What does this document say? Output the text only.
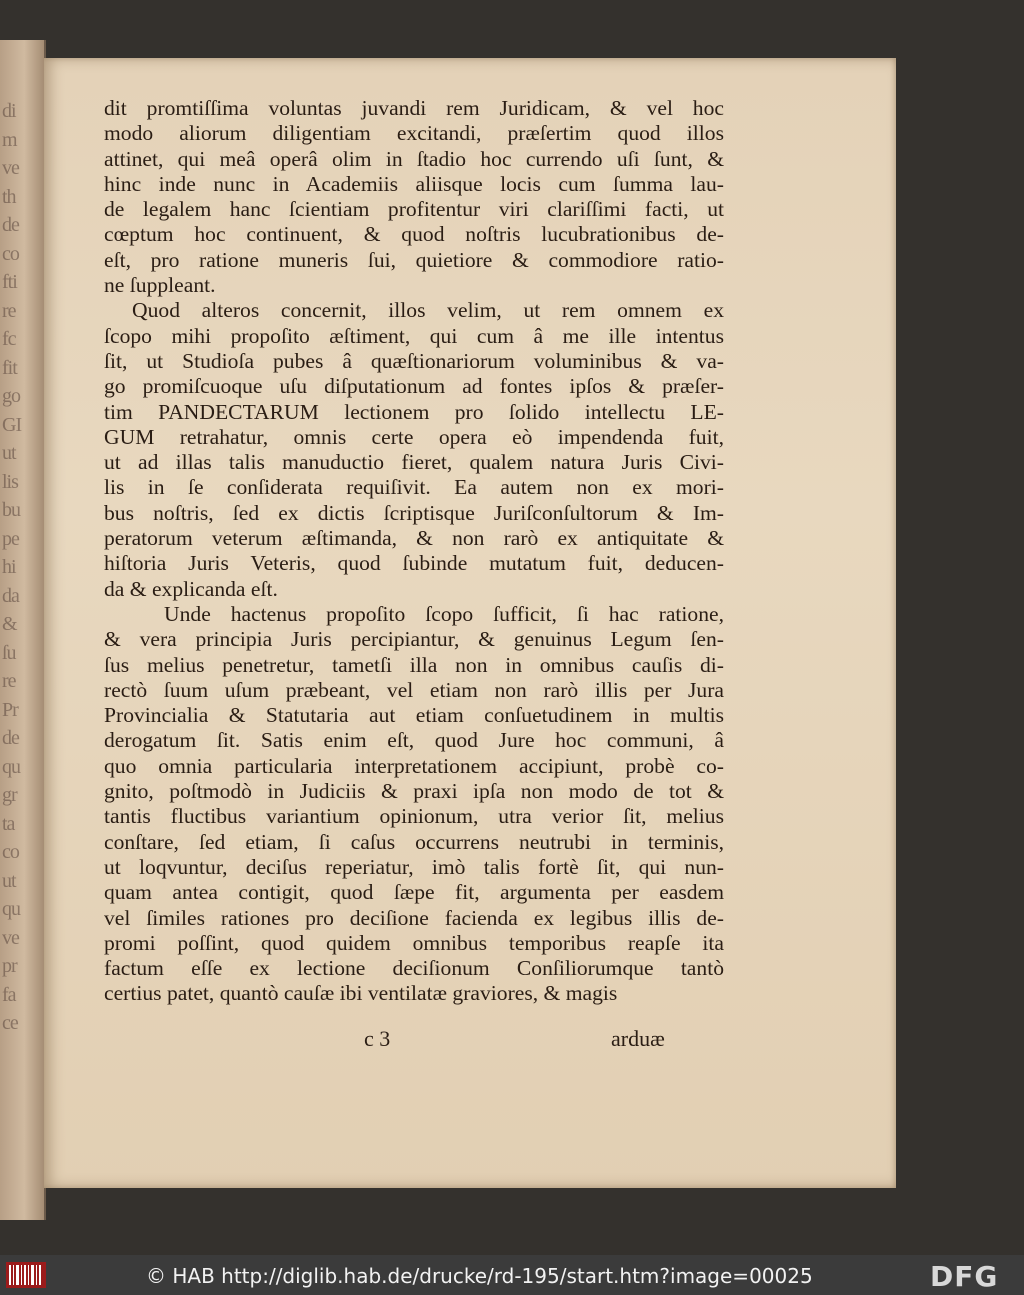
di
m
ve
th
de
co
fti
re
fc
fit
go
GI
ut
lis
bu
pe
hi
da
&
ſu
re
Pr
de
qu
gr
ta
co
ut
qu
ve
pr
fa
ce
dit promtiſſima voluntas juvandi rem Juridicam, & vel hoc
modo aliorum diligentiam excitandi, præſertim quod illos
attinet, qui meâ operâ olim in ſtadio hoc currendo uſi ſunt, &
hinc inde nunc in Academiis aliisque locis cum ſumma lau-
de legalem hanc ſcientiam profitentur viri clariſſimi facti, ut
cœptum hoc continuent, & quod noſtris lucubrationibus de-
eſt, pro ratione muneris ſui, quietiore & commodiore ratio-
ne ſuppleant.
Quod alteros concernit, illos velim, ut rem omnem ex
ſcopo mihi propoſito æſtiment, qui cum â me ille intentus
ſit, ut Studioſa pubes â quæſtionariorum voluminibus & va-
go promiſcuoque uſu diſputationum ad fontes ipſos & præſer-
tim PANDECTARUM lectionem pro ſolido intellectu LE-
GUM retrahatur, omnis certe opera eò impendenda fuit,
ut ad illas talis manuductio fieret, qualem natura Juris Civi-
lis in ſe conſiderata requiſivit. Ea autem non ex mori-
bus noſtris, ſed ex dictis ſcriptisque Juriſconſultorum & Im-
peratorum veterum æſtimanda, & non rarò ex antiquitate &
hiſtoria Juris Veteris, quod ſubinde mutatum fuit, deducen-
da & explicanda eſt.
Unde hactenus propoſito ſcopo ſufficit, ſi hac ratione,
& vera principia Juris percipiantur, & genuinus Legum ſen-
ſus melius penetretur, tametſi illa non in omnibus cauſis di-
rectò ſuum uſum præbeant, vel etiam non rarò illis per Jura
Provincialia & Statutaria aut etiam conſuetudinem in multis
derogatum ſit. Satis enim eſt, quod Jure hoc communi, â
quo omnia particularia interpretationem accipiunt, probè co-
gnito, poſtmodò in Judiciis & praxi ipſa non modo de tot &
tantis fluctibus variantium opinionum, utra verior ſit, melius
conſtare, ſed etiam, ſi caſus occurrens neutrubi in terminis,
ut loqvuntur, deciſus reperiatur, imò talis fortè ſit, qui nun-
quam antea contigit, quod ſæpe fit, argumenta per easdem
vel ſimiles rationes pro deciſione facienda ex legibus illis de-
promi poſſint, quod quidem omnibus temporibus reapſe ita
factum eſſe ex lectione deciſionum Conſiliorumque tantò
certius patet, quantò cauſæ ibi ventilatæ graviores, & magis
c 3	arduæ
© HAB http://diglib.hab.de/drucke/rd-195/start.htm?image=00025	DFG
